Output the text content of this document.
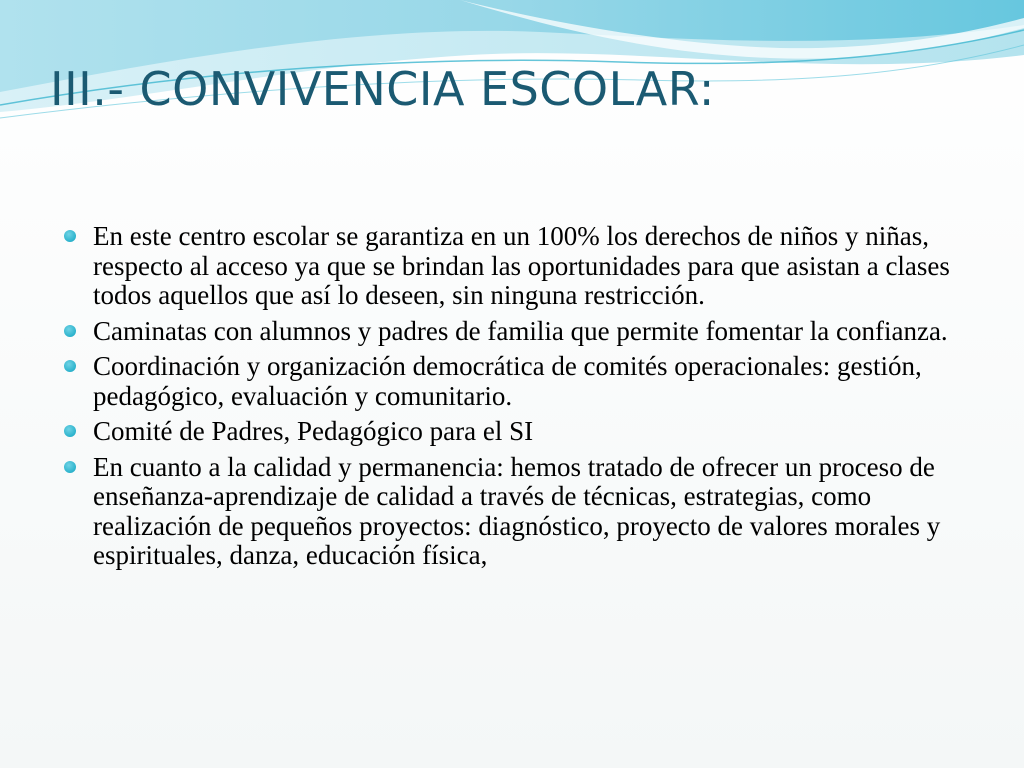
III.- CONVIVENCIA ESCOLAR:
En este centro escolar se garantiza en un 100% los derechos de niños y niñas, respecto al acceso ya que se brindan las oportunidades para que asistan a clases todos aquellos que así lo deseen, sin ninguna restricción.
Caminatas con alumnos y padres de familia que permite fomentar la confianza.
Coordinación y organización democrática de comités operacionales: gestión, pedagógico, evaluación y comunitario.
Comité de Padres, Pedagógico para el SI
En cuanto a la calidad y permanencia: hemos tratado de ofrecer un proceso de enseñanza-aprendizaje de calidad a través de técnicas, estrategias, como realización de pequeños proyectos: diagnóstico, proyecto de valores morales y espirituales, danza, educación física,
